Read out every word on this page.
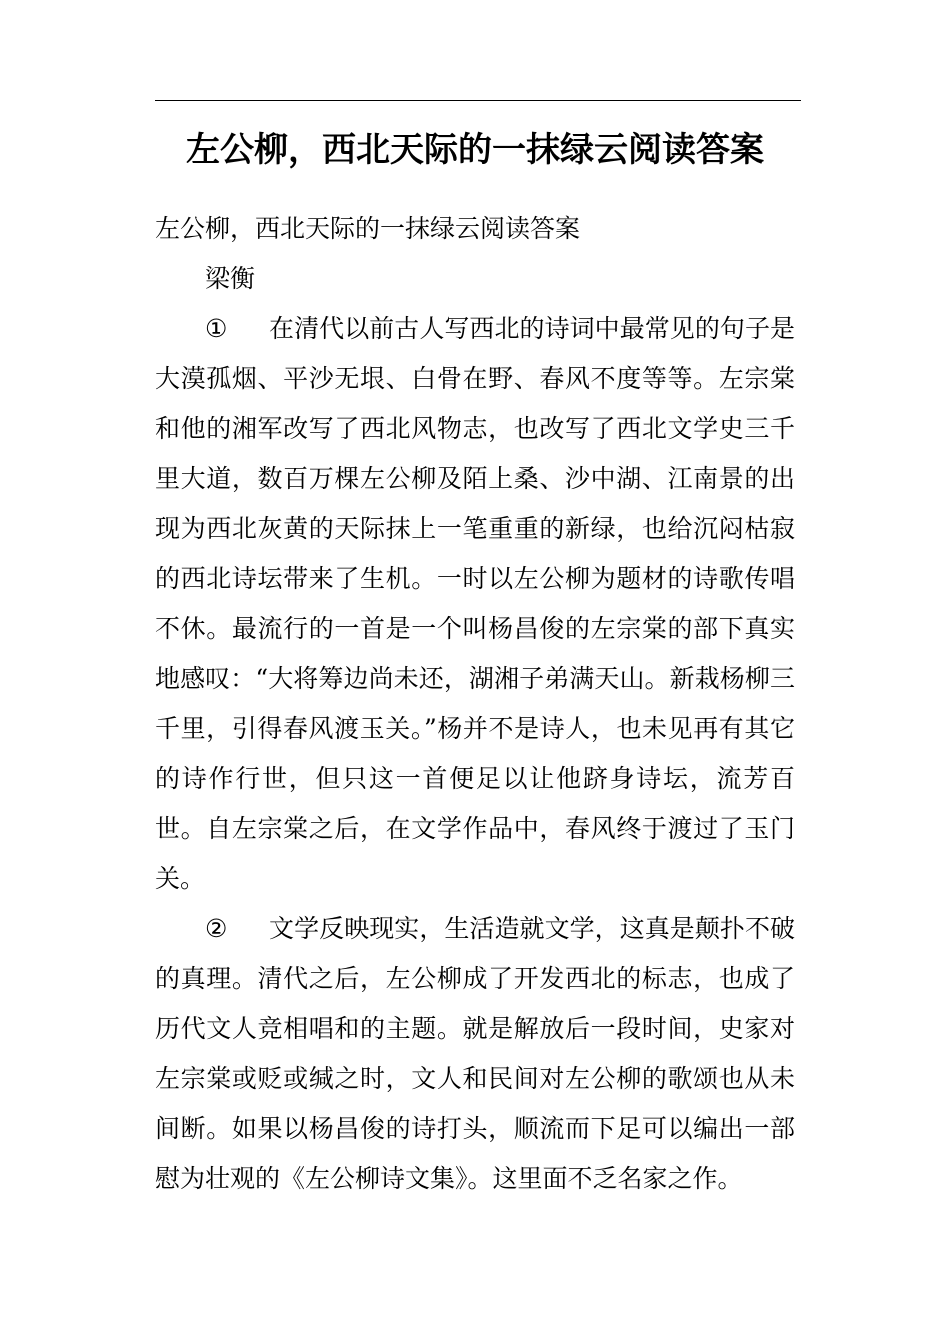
左公柳，西北天际的一抹绿云阅读答案

左公柳，西北天际的一抹绿云阅读答案

梁衡

① 在清代以前古人写西北的诗词中最常见的句子是大漠孤烟、平沙无垠、白骨在野、春风不度等等。左宗棠和他的湘军改写了西北风物志，也改写了西北文学史三千里大道，数百万棵左公柳及陌上桑、沙中湖、江南景的出现为西北灰黄的天际抹上一笔重重的新绿，也给沉闷枯寂的西北诗坛带来了生机。一时以左公柳为题材的诗歌传唱不休。最流行的一首是一个叫杨昌俊的左宗棠的部下真实地感叹：“大将筹边尚未还，湖湘子弟满天山。新栽杨柳三千里，引得春风渡玉关。”杨并不是诗人，也未见再有其它的诗作行世，但只这一首便足以让他跻身诗坛，流芳百世。自左宗棠之后，在文学作品中，春风终于渡过了玉门关。

② 文学反映现实，生活造就文学，这真是颠扑不破的真理。清代之后，左公柳成了开发西北的标志，也成了历代文人竞相唱和的主题。就是解放后一段时间，史家对左宗棠或贬或缄之时，文人和民间对左公柳的歌颂也从未间断。如果以杨昌俊的诗打头，顺流而下足可以编出一部慰为壮观的《左公柳诗文集》。这里面不乏名家之作。
